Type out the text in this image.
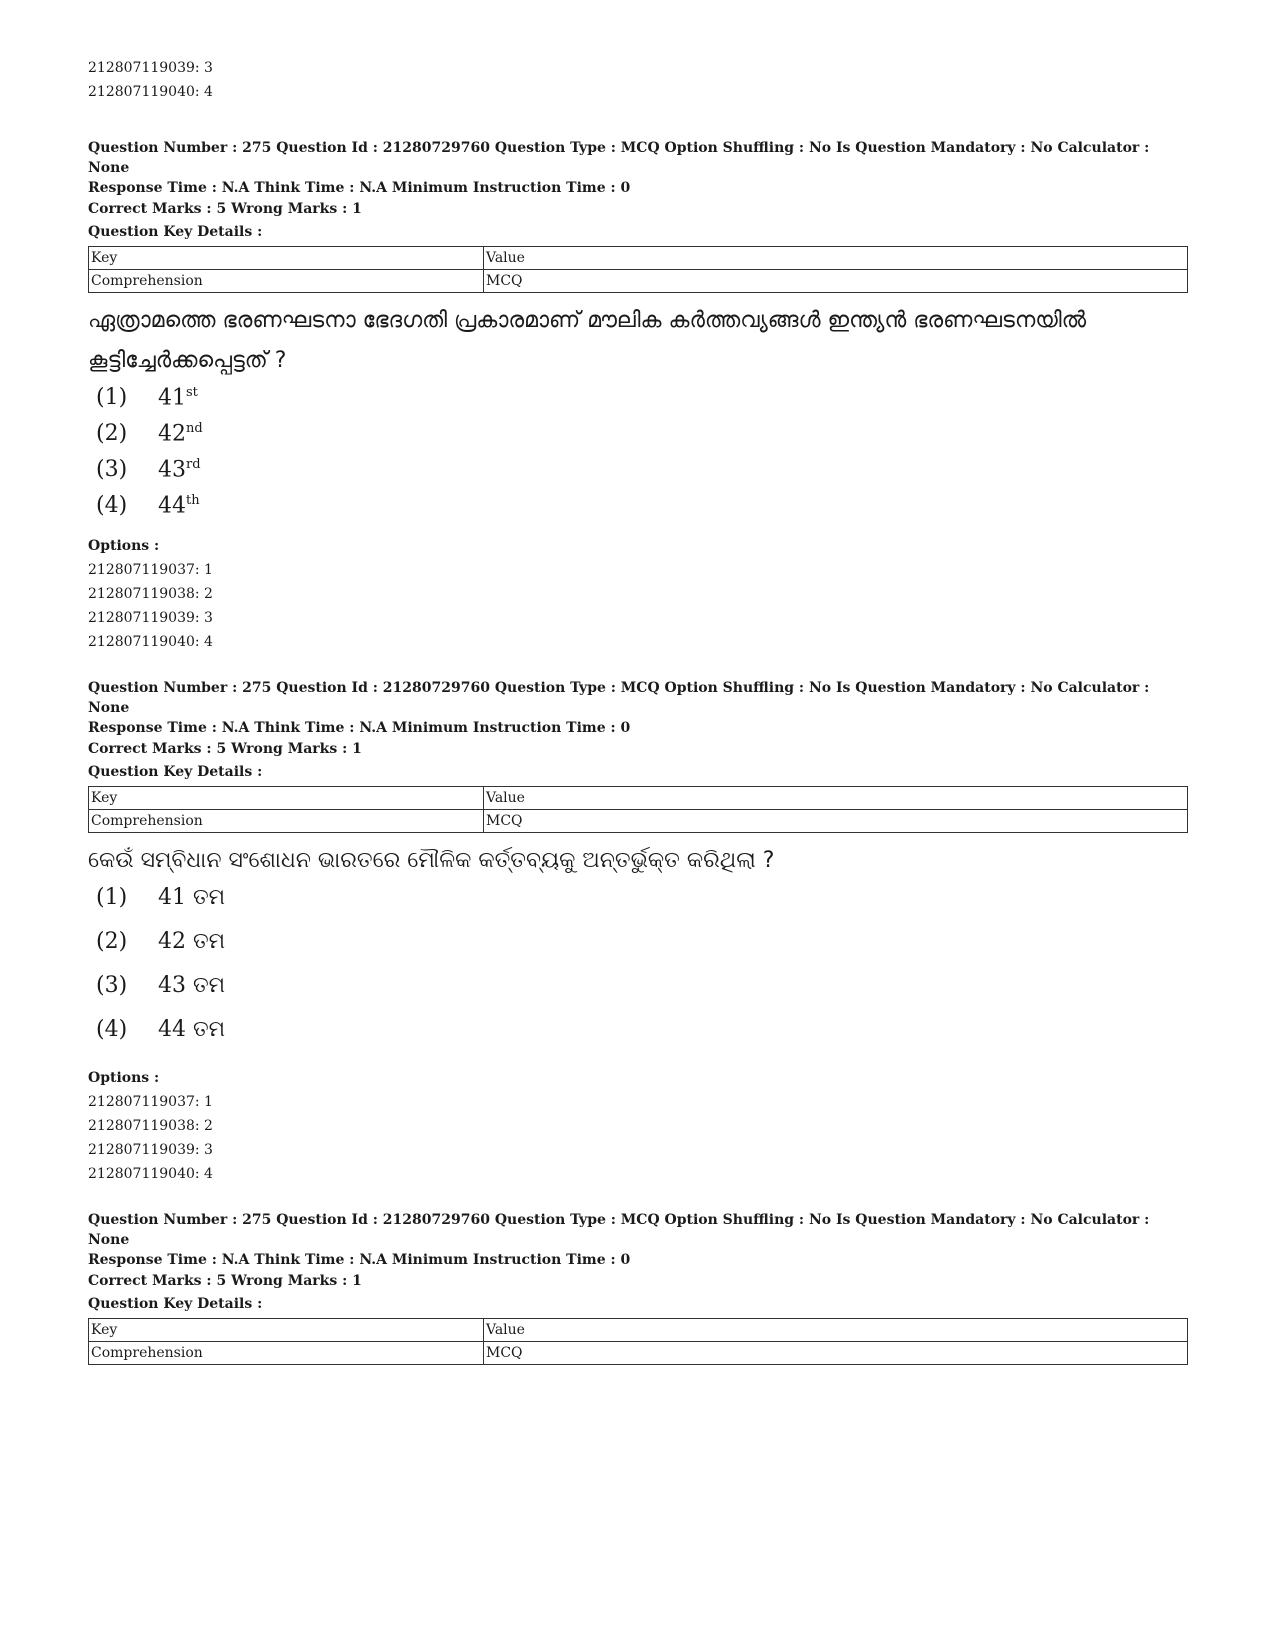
212807119039: 3
212807119040: 4
Question Number : 275 Question Id : 21280729760 Question Type : MCQ Option Shuffling : No Is Question Mandatory : No Calculator : None
Response Time : N.A Think Time : N.A Minimum Instruction Time : 0
Correct Marks : 5 Wrong Marks : 1
Question Key Details :
Key	Value
Comprehension	MCQ
ഏത്രാമത്തെ ഭരണഘടനാ ഭേദഗതി പ്രകാരമാണ് മൗലിക കർത്തവ്യങ്ങൾ ഇന്ത്യൻ ഭരണഘടനയിൽ
കൂട്ടിച്ചേർക്കപ്പെട്ടത് ?
(1)	41st
(2)	42nd
(3)	43rd
(4)	44th
Options :
212807119037: 1
212807119038: 2
212807119039: 3
212807119040: 4
Question Number : 275 Question Id : 21280729760 Question Type : MCQ Option Shuffling : No Is Question Mandatory : No Calculator : None
Response Time : N.A Think Time : N.A Minimum Instruction Time : 0
Correct Marks : 5 Wrong Marks : 1
Question Key Details :
Key	Value
Comprehension	MCQ
କେଉଁ ସମ୍ବିଧାନ ସଂଶୋଧନ ଭାରତରେ ମୌଳିକ କର୍ତ୍ତବ୍ୟକୁ ଅନ୍ତର୍ଭୁକ୍ତ କରିଥିଲା ?
(1)	41 ତମ
(2)	42 ତମ
(3)	43 ତମ
(4)	44 ତମ
Options :
212807119037: 1
212807119038: 2
212807119039: 3
212807119040: 4
Question Number : 275 Question Id : 21280729760 Question Type : MCQ Option Shuffling : No Is Question Mandatory : No Calculator : None
Response Time : N.A Think Time : N.A Minimum Instruction Time : 0
Correct Marks : 5 Wrong Marks : 1
Question Key Details :
Key	Value
Comprehension	MCQ
